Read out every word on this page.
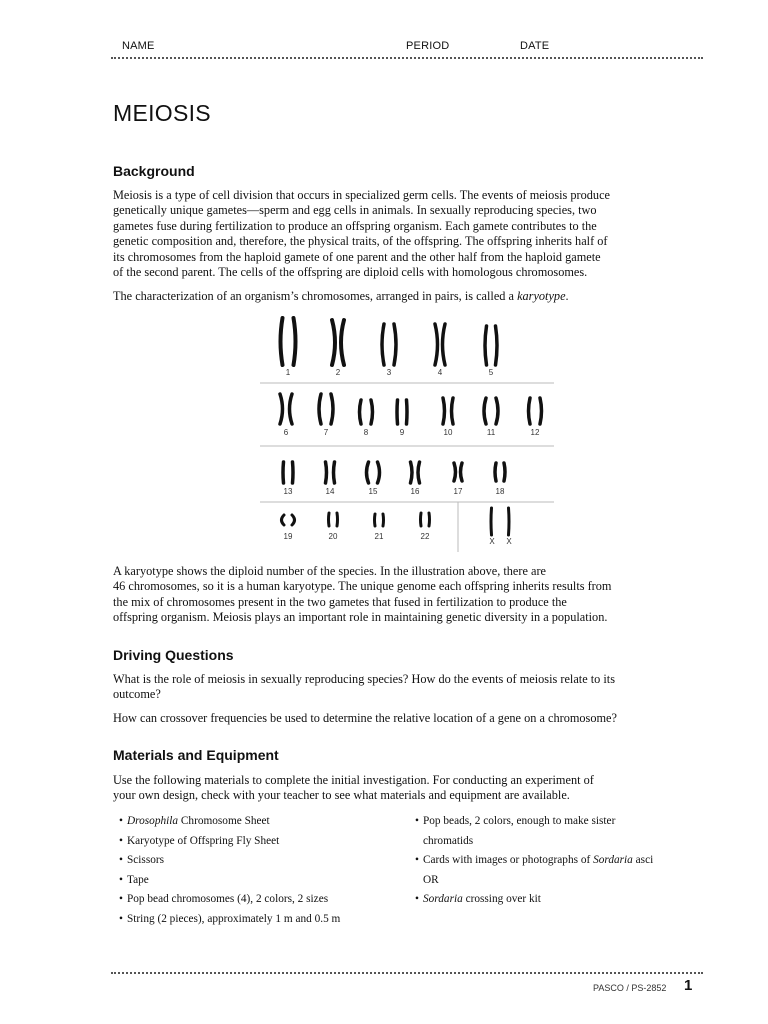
NAME	PERIOD	DATE
MEIOSIS
Background

Meiosis is a type of cell division that occurs in specialized germ cells. The events of meiosis produce
genetically unique gametes—sperm and egg cells in animals. In sexually reproducing species, two
gametes fuse during fertilization to produce an offspring organism. Each gamete contributes to the
genetic composition and, therefore, the physical traits, of the offspring. The offspring inherits half of
its chromosomes from the haploid gamete of one parent and the other half from the haploid gamete
of the second parent. The cells of the offspring are diploid cells with homologous chromosomes.

The characterization of an organism’s chromosomes, arranged in pairs, is called a karyotype.

1	2	3	4	5
6	7	8	9	10	11	12
13	14	15	16	17	18
19	20	21	22
X X

A karyotype shows the diploid number of the species. In the illustration above, there are
46 chromosomes, so it is a human karyotype. The unique genome each offspring inherits results from
the mix of chromosomes present in the two gametes that fused in fertilization to produce the
offspring organism. Meiosis plays an important role in maintaining genetic diversity in a population.

Driving Questions

What is the role of meiosis in sexually reproducing species? How do the events of meiosis relate to its
outcome?

How can crossover frequencies be used to determine the relative location of a gene on a chromosome?

Materials and Equipment

Use the following materials to complete the initial investigation. For conducting an experiment of
your own design, check with your teacher to see what materials and equipment are available.

• Drosophila Chromosome Sheet
• Karyotype of Offspring Fly Sheet
• Scissors
• Tape
• Pop bead chromosomes (4), 2 colors, 2 sizes
• String (2 pieces), approximately 1 m and 0.5 m
• Pop beads, 2 colors, enough to make sister
chromatids
• Cards with images or photographs of Sordaria asci
OR
• Sordaria crossing over kit
PASCO / PS-2852 1
